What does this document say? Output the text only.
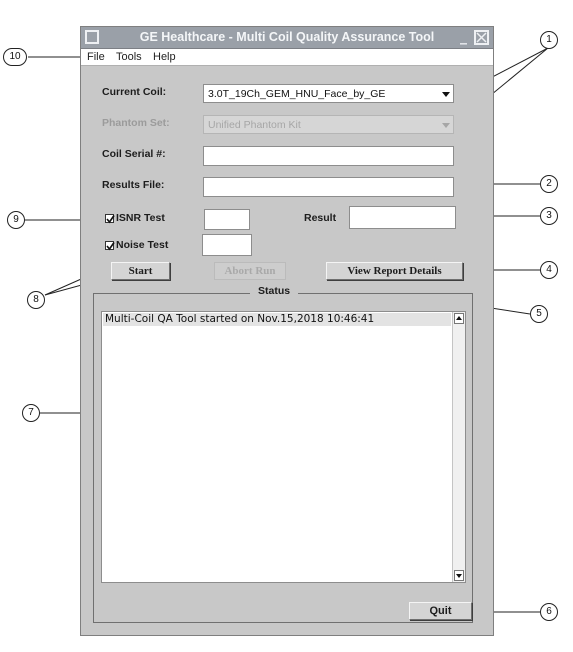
10
1
2
3
9
8
4
5
7
6
GE Healthcare - Multi Coil Quality Assurance Tool	_
File Tools Help
Current Coil:	3.0T_19Ch_GEM_HNU_Face_by_GE
Phantom Set:	Unified Phantom Kit
Coil Serial #:
Results File:
ISNR Test	Result
Noise Test
Start	Abort Run	View Report Details
Status
Multi-Coil QA Tool started on Nov.15,2018 10:46:41
Quit
